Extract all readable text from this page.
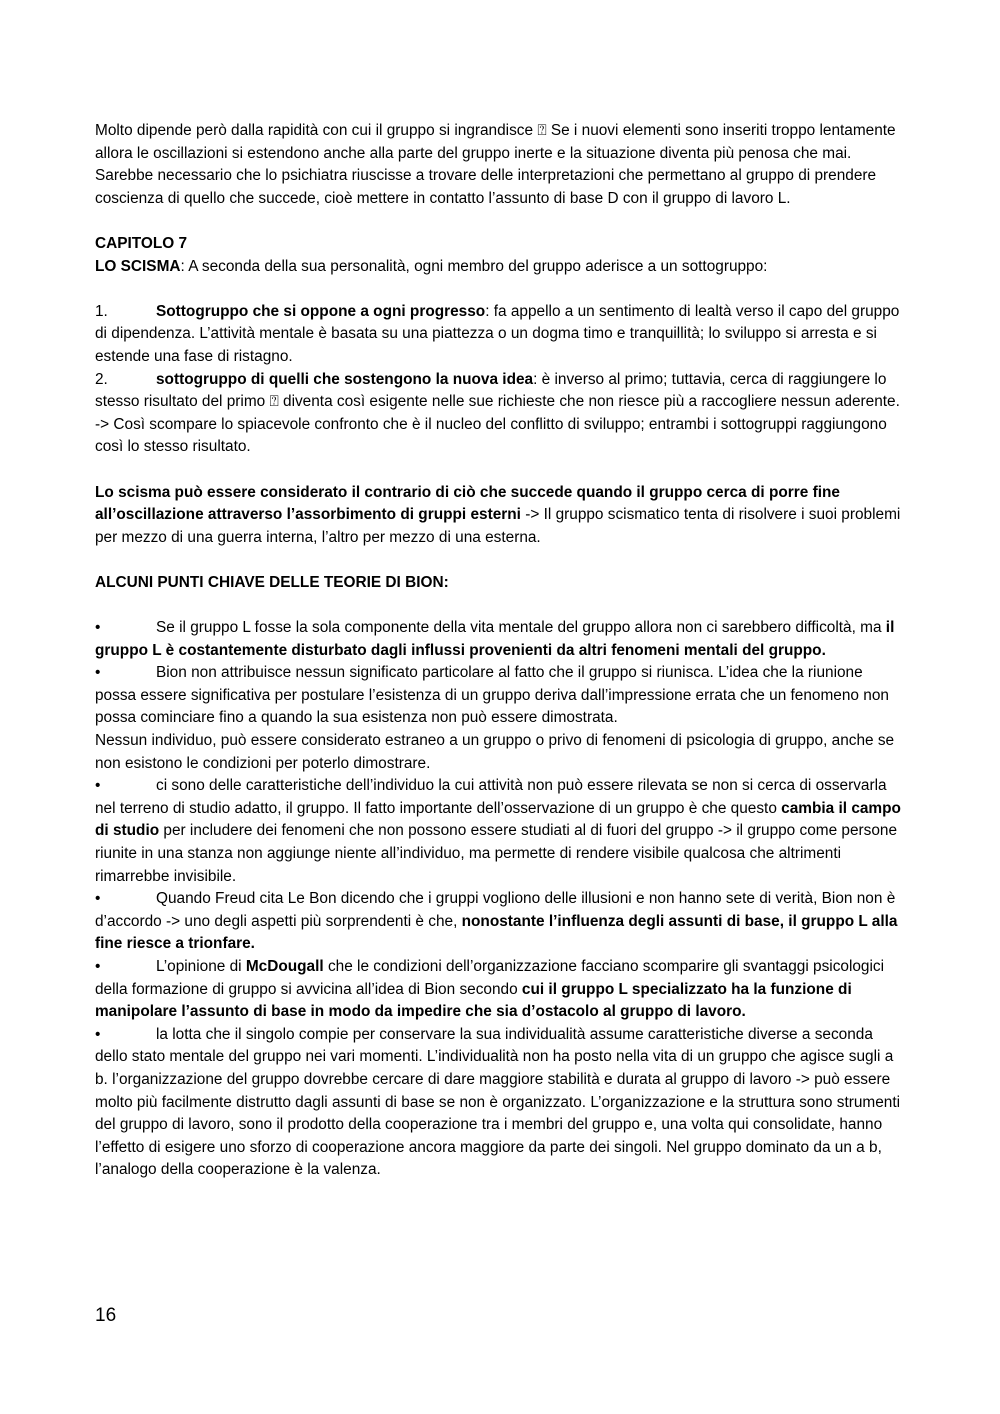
Molto dipende però dalla rapidità con cui il gruppo si ingrandisce ⍰ Se i nuovi elementi sono inseriti troppo lentamente allora le oscillazioni si estendono anche alla parte del gruppo inerte e la situazione diventa più penosa che mai. Sarebbe necessario che lo psichiatra riuscisse a trovare delle interpretazioni che permettano al gruppo di prendere coscienza di quello che succede, cioè mettere in contatto l’assunto di base D con il gruppo di lavoro L.

CAPITOLO 7

LO SCISMA: A seconda della sua personalità, ogni membro del gruppo aderisce a un sottogruppo:

1.	Sottogruppo che si oppone a ogni progresso: fa appello a un sentimento di lealtà verso il capo del gruppo di dipendenza. L’attività mentale è basata su una piattezza o un dogma timo e tranquillità; lo sviluppo si arresta e si estende una fase di ristagno.

2.	sottogruppo di quelli che sostengono la nuova idea: è inverso al primo; tuttavia, cerca di raggiungere lo stesso risultato del primo ⍰ diventa così esigente nelle sue richieste che non riesce più a raccogliere nessun aderente.

-> Così scompare lo spiacevole confronto che è il nucleo del conflitto di sviluppo; entrambi i sottogruppi raggiungono così lo stesso risultato.

Lo scisma può essere considerato il contrario di ciò che succede quando il gruppo cerca di porre fine all’oscillazione attraverso l’assorbimento di gruppi esterni -> Il gruppo scismatico tenta di risolvere i suoi problemi per mezzo di una guerra interna, l’altro per mezzo di una esterna.

ALCUNI PUNTI CHIAVE DELLE TEORIE DI BION:

•	Se il gruppo L fosse la sola componente della vita mentale del gruppo allora non ci sarebbero difficoltà, ma il gruppo L è costantemente disturbato dagli influssi provenienti da altri fenomeni mentali del gruppo.

•	Bion non attribuisce nessun significato particolare al fatto che il gruppo si riunisca. L’idea che la riunione possa essere significativa per postulare l’esistenza di un gruppo deriva dall’impressione errata che un fenomeno non possa cominciare fino a quando la sua esistenza non può essere dimostrata.

Nessun individuo, può essere considerato estraneo a un gruppo o privo di fenomeni di psicologia di gruppo, anche se non esistono le condizioni per poterlo dimostrare.

•	ci sono delle caratteristiche dell’individuo la cui attività non può essere rilevata se non si cerca di osservarla nel terreno di studio adatto, il gruppo. Il fatto importante dell’osservazione di un gruppo è che questo cambia il campo di studio per includere dei fenomeni che non possono essere studiati al di fuori del gruppo -> il gruppo come persone riunite in una stanza non aggiunge niente all’individuo, ma permette di rendere visibile qualcosa che altrimenti rimarrebbe invisibile.

•	Quando Freud cita Le Bon dicendo che i gruppi vogliono delle illusioni e non hanno sete di verità, Bion non è d’accordo -> uno degli aspetti più sorprendenti è che, nonostante l’influenza degli assunti di base, il gruppo L alla fine riesce a trionfare.

•	L’opinione di McDougall che le condizioni dell’organizzazione facciano scomparire gli svantaggi psicologici della formazione di gruppo si avvicina all’idea di Bion secondo cui il gruppo L specializzato ha la funzione di manipolare l’assunto di base in modo da impedire che sia d’ostacolo al gruppo di lavoro.

•	la lotta che il singolo compie per conservare la sua individualità assume caratteristiche diverse a seconda dello stato mentale del gruppo nei vari momenti. L’individualità non ha posto nella vita di un gruppo che agisce sugli a b. l’organizzazione del gruppo dovrebbe cercare di dare maggiore stabilità e durata al gruppo di lavoro -> può essere molto più facilmente distrutto dagli assunti di base se non è organizzato. L’organizzazione e la struttura sono strumenti del gruppo di lavoro, sono il prodotto della cooperazione tra i membri del gruppo e, una volta qui consolidate, hanno l’effetto di esigere uno sforzo di cooperazione ancora maggiore da parte dei singoli. Nel gruppo dominato da un a b, l’analogo della cooperazione è la valenza.

16
